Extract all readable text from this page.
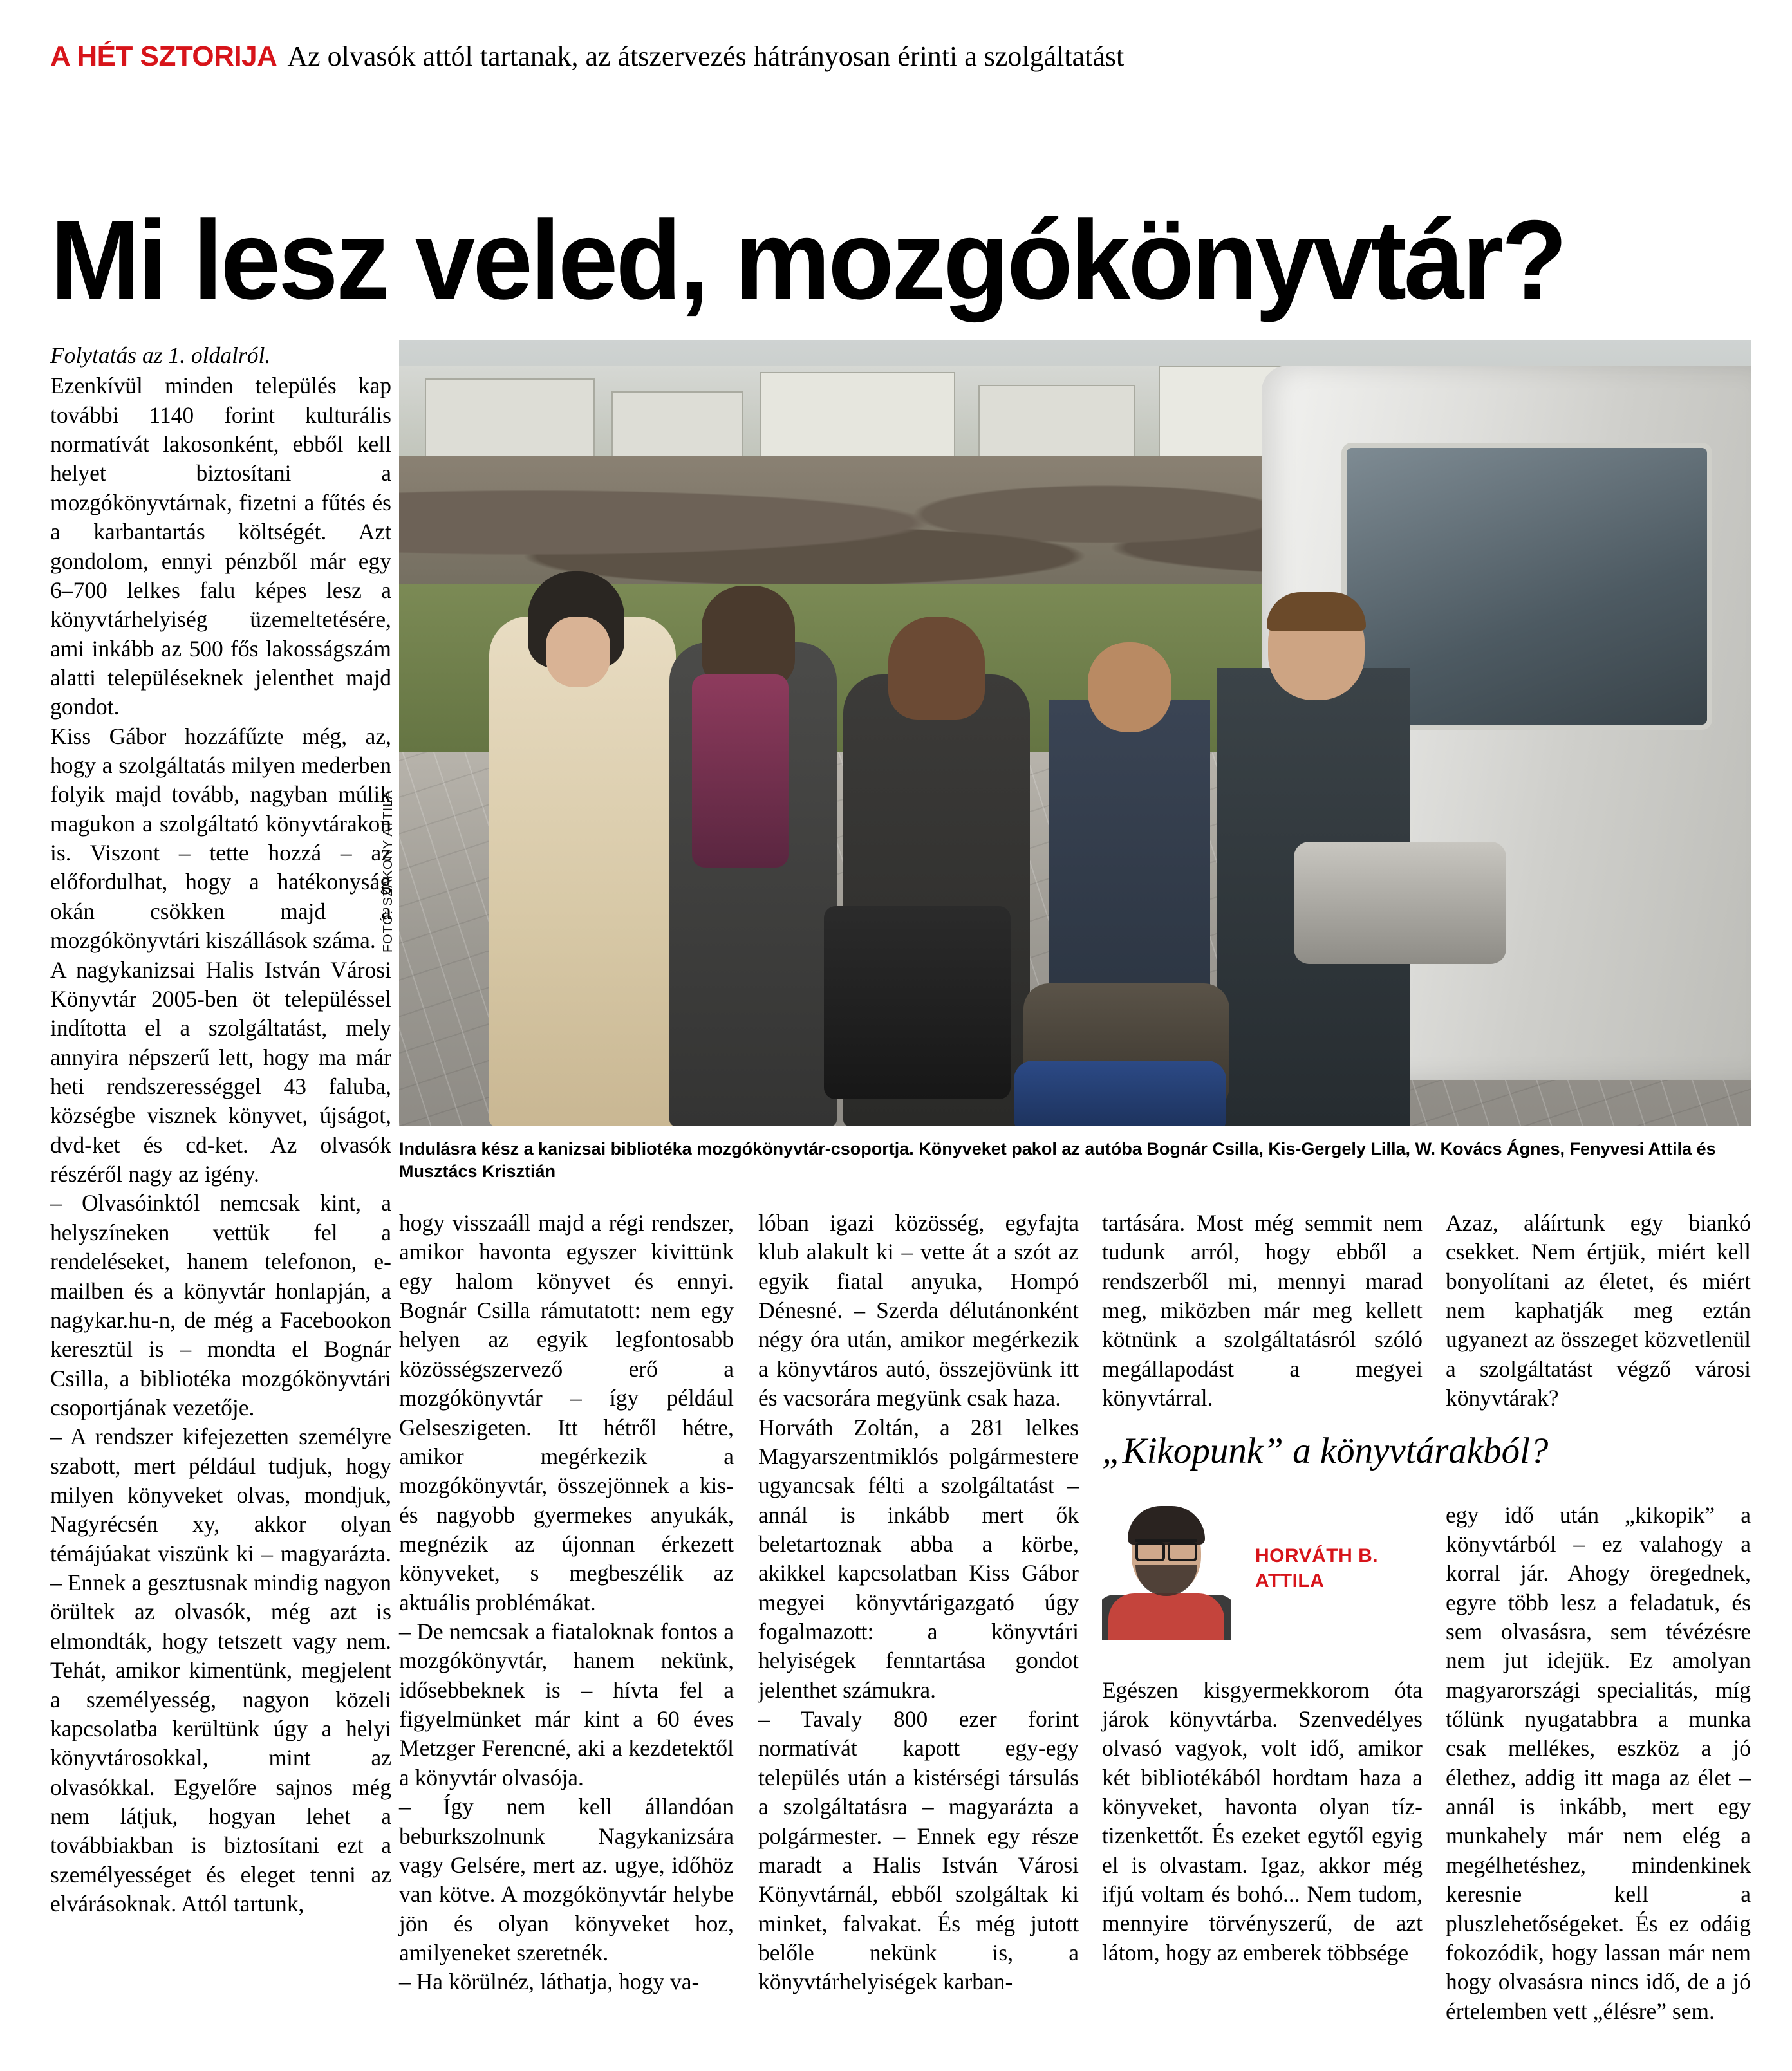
A HÉT SZTORIJA Az olvasók attól tartanak, az átszervezés hátrányosan érinti a szolgáltatást
Mi lesz veled, mozgókönyvtár?
Folytatás az 1. oldalról.

Ezenkívül minden település kap további 1140 forint kulturális normatívát lakosonként, ebből kell helyet biztosítani a mozgókönyvtárnak, fizetni a fűtés és a karbantartás költségét. Azt gondolom, ennyi pénzből már egy 6–700 lelkes falu képes lesz a könyvtárhelyiség üzemeltetésére, ami inkább az 500 fős lakosságszám alatti településeknek jelenthet majd gondot.

Kiss Gábor hozzáfűzte még, az, hogy a szolgáltatás milyen mederben folyik majd tovább, nagyban múlik magukon a szolgáltató könyvtárakon is. Viszont – tette hozzá – az előfordulhat, hogy a hatékonyság okán csökken majd a mozgókönyvtári kiszállások száma.

A nagykanizsai Halis István Városi Könyvtár 2005-ben öt településsel indította el a szolgáltatást, mely annyira népszerű lett, hogy ma már heti rendszerességgel 43 faluba, községbe visznek könyvet, újságot, dvd-ket és cd-ket. Az olvasók részéről nagy az igény.

– Olvasóinktól nemcsak kint, a helyszíneken vettük fel a rendeléseket, hanem telefonon, e-mailben és a könyvtár honlapján, a nagykar.hu-n, de még a Facebookon keresztül is – mondta el Bognár Csilla, a bibliotéka mozgókönyvtári csoportjának vezetője.

– A rendszer kifejezetten személyre szabott, mert például tudjuk, hogy milyen könyveket olvas, mondjuk, Nagyrécsén xy, akkor olyan témájúakat viszünk ki – magyarázta. – Ennek a gesztusnak mindig nagyon örültek az olvasók, még azt is elmondták, hogy tetszett vagy nem. Tehát, amikor kimentünk, megjelent a személyesség, nagyon közeli kapcsolatba kerültünk úgy a helyi könyvtárosokkal, mint az olvasókkal. Egyelőre sajnos még nem látjuk, hogyan lehet a továbbiakban is biztosítani ezt a személyességet és eleget tenni az elvárásoknak. Attól tartunk,

FOTÓ: SZAKONY ATTILA
Indulásra kész a kanizsai bibliotéka mozgókönyvtár-csoportja. Könyveket pakol az autóba Bognár Csilla, Kis-Gergely Lilla, W. Kovács Ágnes, Fenyvesi Attila és Musztács Krisztián

hogy visszaáll majd a régi rendszer, amikor havonta egyszer kivittünk egy halom könyvet és ennyi. Bognár Csilla rámutatott: nem egy helyen az egyik legfontosabb közösségszervező erő a mozgókönyvtár – így például Gelseszigeten. Itt hétről hétre, amikor megérkezik a mozgókönyvtár, összejönnek a kis- és nagyobb gyermekes anyukák, megnézik az újonnan érkezett könyveket, s megbeszélik az aktuális problémákat.

– De nemcsak a fiataloknak fontos a mozgókönyvtár, hanem nekünk, idősebbeknek is – hívta fel a figyelmünket már kint a 60 éves Metzger Ferencné, aki a kezdetektől a könyvtár olvasója.

– Így nem kell állandóan beburkszolnunk Nagykanizsára vagy Gelsére, mert az. ugye, időhöz van kötve. A mozgókönyvtár helybe jön és olyan könyveket hoz, amilyeneket szeretnék.

– Ha körülnéz, láthatja, hogy va-

lóban igazi közösség, egyfajta klub alakult ki – vette át a szót az egyik fiatal anyuka, Hompó Dénesné. – Szerda délutánonként négy óra után, amikor megérkezik a könyvtáros autó, összejövünk itt és vacsorára megyünk csak haza.

Horváth Zoltán, a 281 lelkes Magyarszentmiklós polgármestere ugyancsak félti a szolgáltatást – annál is inkább mert ők beletartoznak abba a körbe, akikkel kapcsolatban Kiss Gábor megyei könyvtárigazgató úgy fogalmazott: a könyvtári helyiségek fenntartása gondot jelenthet számukra.

– Tavaly 800 ezer forint normatívát kapott egy-egy település után a kistérségi társulás a szolgáltatásra – magyarázta a polgármester. – Ennek egy része maradt a Halis István Városi Könyvtárnál, ebből szolgáltak ki minket, falvakat. És még jutott belőle nekünk is, a könyvtárhelyiségek karban-

tartására. Most még semmit nem tudunk arról, hogy ebből a rendszerből mi, mennyi marad meg, miközben már meg kellett kötnünk a szolgáltatásról szóló megállapodást a megyei könyvtárral.

Azaz, aláírtunk egy biankó csekket. Nem értjük, miért kell bonyolítani az életet, és miért nem kaphatják meg eztán ugyanezt az összeget közvetlenül a szolgáltatást végző városi könyvtárak?

„Kikopunk” a könyvtárakból?
HORVÁTH B.
ATTILA

Egészen kisgyermekkorom óta járok könyvtárba. Szenvedélyes olvasó vagyok, volt idő, amikor két bibliotékából hordtam haza a könyveket, havonta olyan tíz-tizenkettőt. És ezeket egytől egyig el is olvastam. Igaz, akkor még ifjú voltam és bohó... Nem tudom, mennyire törvényszerű, de azt látom, hogy az emberek többsége

egy idő után „kikopik” a könyvtárból – ez valahogy a korral jár. Ahogy öregednek, egyre több lesz a feladatuk, és sem olvasásra, sem tévézésre nem jut idejük. Ez amolyan magyarországi specialitás, míg tőlünk nyugatabbra a munka csak mellékes, eszköz a jó élethez, addig itt maga az élet – annál is inkább, mert egy munkahely már nem elég a megélhetéshez, mindenkinek keresnie kell a pluszlehetőségeket. És ez odáig fokozódik, hogy lassan már nem hogy olvasásra nincs idő, de a jó értelemben vett „élésre” sem.
